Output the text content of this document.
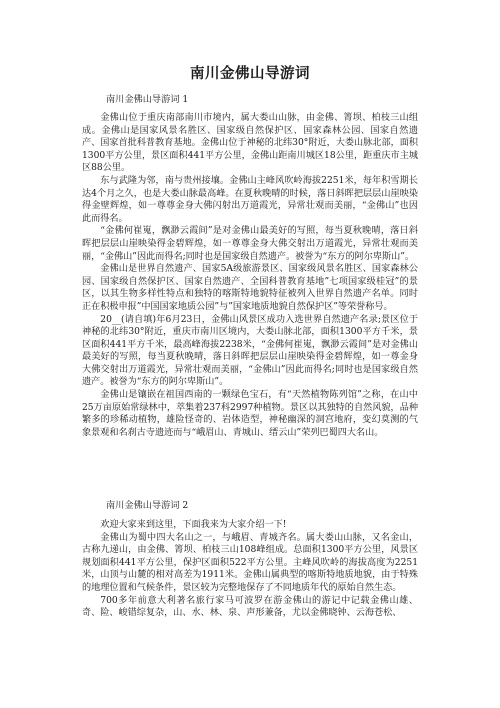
南川金佛山导游词
南川金佛山导游词 1

金佛山位于重庆南部南川市境内，属大娄山山脉，由金佛、箐坝、柏枝三山组成。金佛山是国家风景名胜区、国家级自然保护区、国家森林公园、国家自然遗产、国家首批科普教育基地。金佛山位于神秘的北纬30°附近，大娄山脉北部，面积1300平方公里，景区面积441平方公里，金佛山距南川城区18公里，距重庆市主城区88公里。

东与武隆为邻，南与贵州接壤。金佛山主峰风吹岭海拔2251米，每年积雪期长达4个月之久，也是大娄山脉最高峰。在夏秋晚晴的时候，落日斜晖把层层山崖映染得金壁辉煌，如一尊尊金身大佛闪射出万道霞光，异常壮观而美丽，“金佛山”也因此而得名。

“金佛何崔嵬，飘渺云霞间”是对金佛山最美好的写照，每当夏秋晚晴，落日斜晖把层层山崖映染得金碧辉煌，如一尊尊金身大佛交射出万道霞光，异常壮观而美丽，“金佛山”因此而得名;同时也是国家级自然遗产。被誉为“东方的阿尔卑斯山”。

金佛山是世界自然遗产、国家5A级旅游景区、国家级风景名胜区、国家森林公园、国家级自然保护区、国家自然遗产、全国科普教育基地”七项国家级桂冠”的景区，以其生物多样性特点和独特的喀斯特地貌特征被列入世界自然遗产名单。同时正在积极申报”中国国家地质公园”与”国家地质地貌自然保护区”等荣誉称号。

20__(请自填)年6月23日，金佛山风景区成功入选世界自然遗产名录;景区位于神秘的北纬30°附近，重庆市南川区境内，大娄山脉北部，面积1300平方千米，景区面积441平方千米，最高峰海拔2238米，“金佛何崔嵬，飘渺云霞间”是对金佛山最美好的写照，每当夏秋晚晴，落日斜晖把层层山崖映染得金碧辉煌，如一尊金身大佛交射出万道霞光，异常壮观而美丽，“金佛山”因此而得名;同时也是国家级自然遗产。被誉为“东方的阿尔卑斯山”。

金佛山是镶嵌在祖国西南的一颗绿色宝石，有“天然植物陈列馆”之称，在山中25万亩原始常绿林中，萃集着237科2997种植物。景区以其独特的自然风貌，品种繁多的珍稀动植物，雄险怪奇的、岩体造型，神秘幽深的洞宫地府，变幻莫测的气象景观和名刹古寺遗迹而与“峨眉山、青城山、缙云山”荣列巴蜀四大名山。

南川金佛山导游词 2

欢迎大家来到这里，下面我来为大家介绍一下!

金佛山为蜀中四大名山之一，与峨眉、青城齐名。属大娄山山脉，又名金山，古称九递山，由金佛、箐坝、柏枝三山108峰组成。总面积1300平方公里，风景区规划面积441平方公里，保护区面积522平方公里。主峰风吹岭的海拔高度为2251米，山顶与山麓的相对高差为1911米。金佛山属典型的喀斯特地质地貌，由于特殊的地理位置和气候条件，景区较为完整地保存了不同地质年代的原始自然生态。

700多年前意大利著名旅行家马可波罗在游金佛山的游记中记载金佛山雄、奇、险、峻错综复杂，山、水、林、泉、声形兼备，尤以金佛晓钟、云海苍松、
